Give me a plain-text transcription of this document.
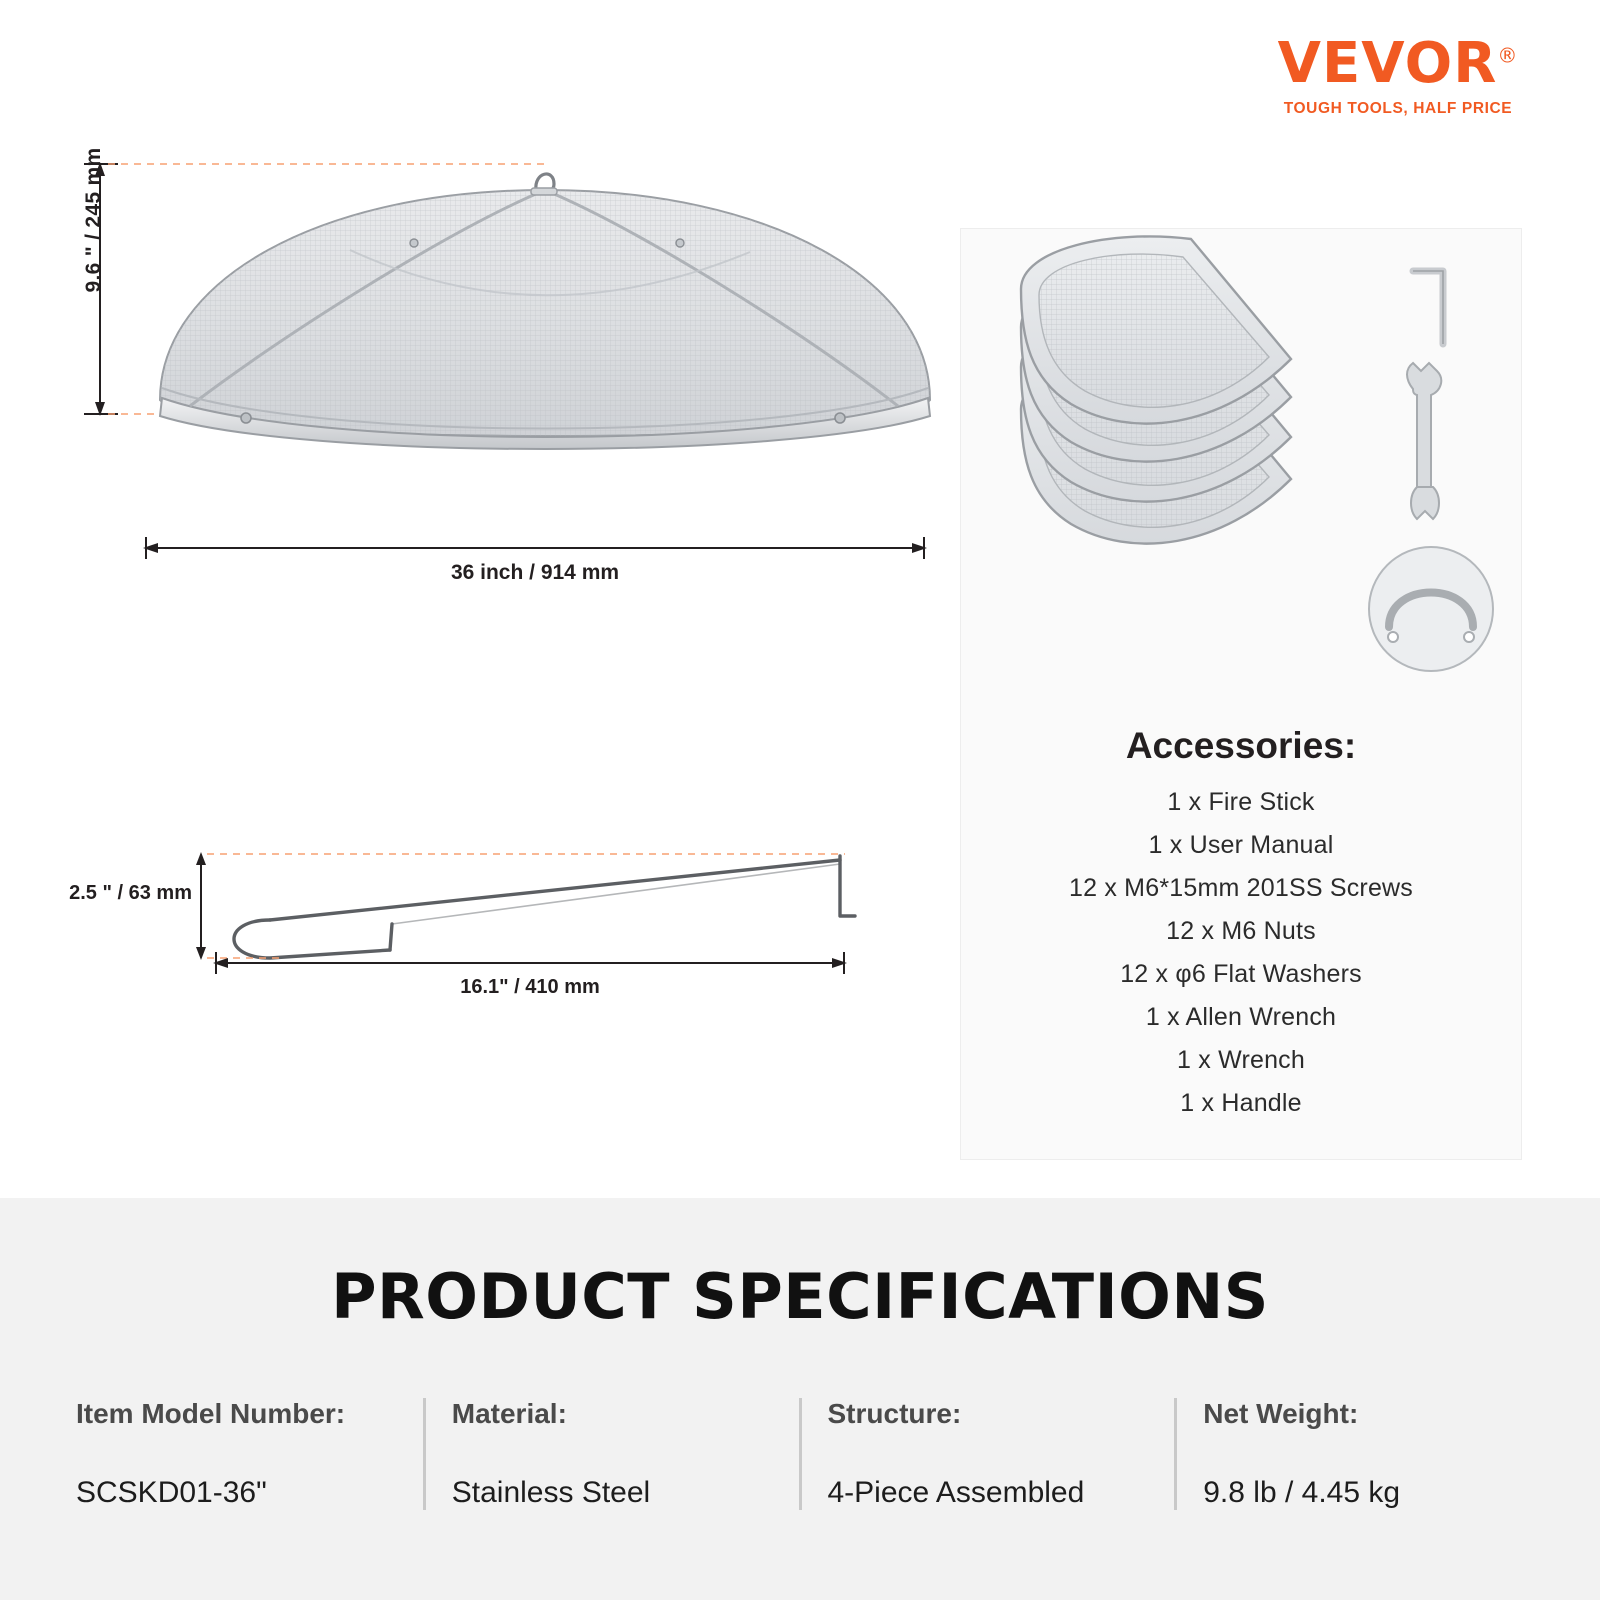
VEVOR®
TOUGH TOOLS, HALF PRICE
9.6 " / 245 mm
36 inch / 914 mm
2.5 " / 63 mm
16.1" / 410 mm
Accessories:
1 x Fire Stick
1 x User Manual
12 x M6*15mm 201SS Screws
12 x M6 Nuts
12 x φ6 Flat Washers
1 x Allen Wrench
1 x Wrench
1 x Handle
PRODUCT SPECIFICATIONS
Item Model Number:
SCSKD01-36"
Material:
Stainless Steel
Structure:
4-Piece Assembled
Net Weight:
9.8 lb / 4.45 kg
